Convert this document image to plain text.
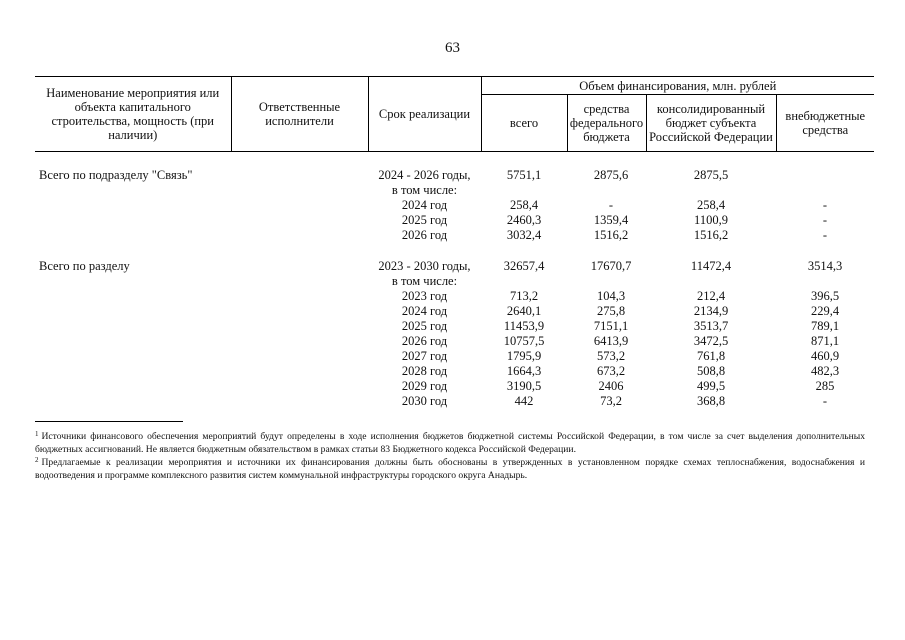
63
Наименование мероприятия или объекта капитального строительства, мощность (при наличии)	Ответственные исполнители	Срок реализации	Объем финансирования, млн. рублей			
			всего	средства федерального бюджета	консолидированный бюджет субъекта Российской Федерации	внебюджетные средства
Всего по подразделу "Связь"	2024 - 2026 годы,	5751,1	2875,6	2875,5
в том числе:
2024 год	258,4	-	258,4	-
2025 год	2460,3	1359,4	1100,9	-
2026 год	3032,4	1516,2	1516,2	-
Всего по разделу	2023 - 2030 годы,	32657,4	17670,7	11472,4	3514,3
в том числе:
2023 год	713,2	104,3	212,4	396,5
2024 год	2640,1	275,8	2134,9	229,4
2025 год	11453,9	7151,1	3513,7	789,1
2026 год	10757,5	6413,9	3472,5	871,1
2027 год	1795,9	573,2	761,8	460,9
2028 год	1664,3	673,2	508,8	482,3
2029 год	3190,5	2406	499,5	285
2030 год	442	73,2	368,8	-

$^1$ Источники финансового обеспечения мероприятий будут определены в ходе исполнения бюджетов бюджетной системы Российской Федерации, в том числе за счет выделения дополнительных бюджетных ассигнований. Не является бюджетным обязательством в рамках статьи 83 Бюджетного кодекса Российской Федерации.

$^2$ Предлагаемые к реализации мероприятия и источники их финансирования должны быть обоснованы в утвержденных в установленном порядке схемах теплоснабжения, водоснабжения и водоотведения и программе комплексного развития систем коммунальной инфраструктуры городского округа Анадырь.
